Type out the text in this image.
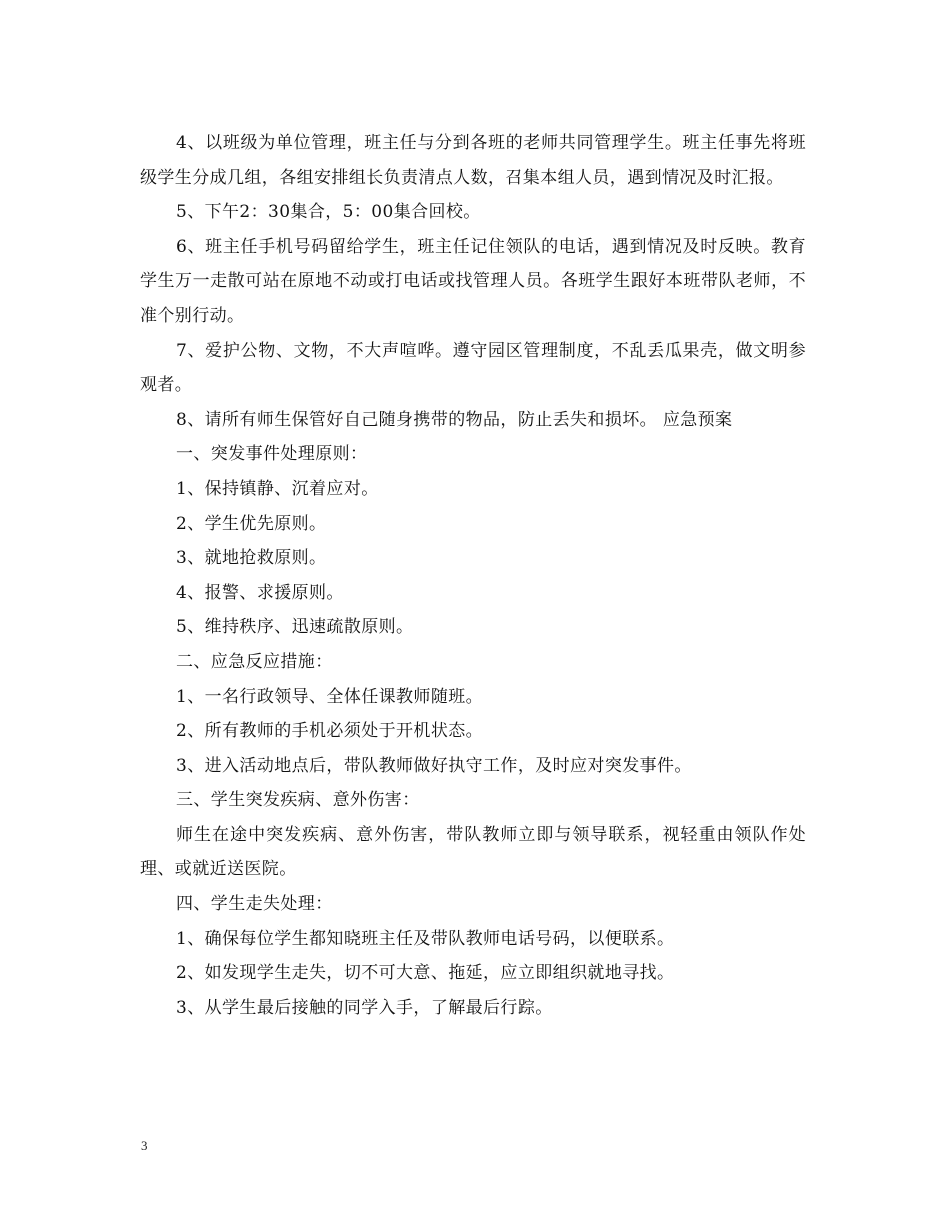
4、以班级为单位管理，班主任与分到各班的老师共同管理学生。班主任事先将班级学生分成几组，各组安排组长负责清点人数，召集本组人员，遇到情况及时汇报。

5、下午2：30集合，5：00集合回校。

6、班主任手机号码留给学生，班主任记住领队的电话，遇到情况及时反映。教育学生万一走散可站在原地不动或打电话或找管理人员。各班学生跟好本班带队老师，不准个别行动。

7、爱护公物、文物，不大声喧哗。遵守园区管理制度，不乱丢瓜果壳，做文明参观者。

8、请所有师生保管好自己随身携带的物品，防止丢失和损坏。 应急预案

一、突发事件处理原则：

1、保持镇静、沉着应对。

2、学生优先原则。

3、就地抢救原则。

4、报警、求援原则。

5、维持秩序、迅速疏散原则。

二、应急反应措施：

1、一名行政领导、全体任课教师随班。

2、所有教师的手机必须处于开机状态。

3、进入活动地点后，带队教师做好执守工作，及时应对突发事件。

三、学生突发疾病、意外伤害：

师生在途中突发疾病、意外伤害，带队教师立即与领导联系，视轻重由领队作处理、或就近送医院。

四、学生走失处理：

1、确保每位学生都知晓班主任及带队教师电话号码，以便联系。

2、如发现学生走失，切不可大意、拖延，应立即组织就地寻找。

3、从学生最后接触的同学入手，了解最后行踪。

3
